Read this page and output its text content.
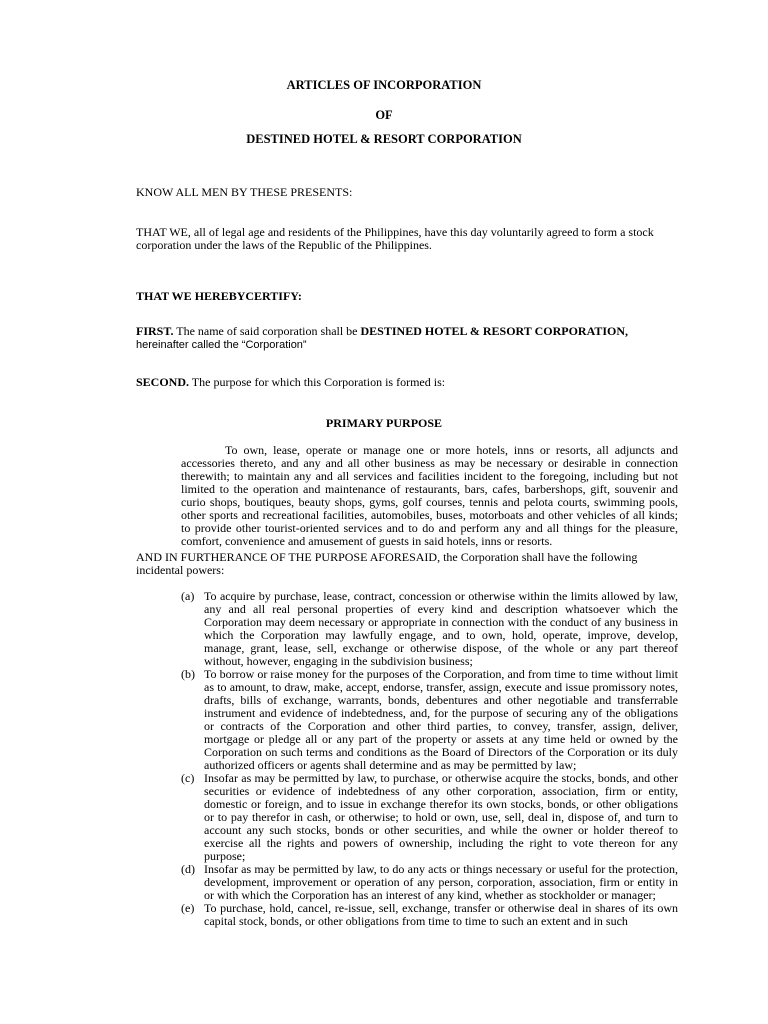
ARTICLES OF INCORPORATION
OF
DESTINED HOTEL & RESORT CORPORATION
KNOW ALL MEN BY THESE PRESENTS:
THAT WE, all of legal age and residents of the Philippines, have this day voluntarily agreed to form a stock corporation under the laws of the Republic of the Philippines.
THAT WE HEREBYCERTIFY:
FIRST. The name of said corporation shall be DESTINED HOTEL & RESORT CORPORATION,
hereinafter called the “Corporation”
SECOND. The purpose for which this Corporation is formed is:
PRIMARY PURPOSE
To own, lease, operate or manage one or more hotels, inns or resorts, all adjuncts and accessories thereto, and any and all other business as may be necessary or desirable in connection therewith; to maintain any and all services and facilities incident to the foregoing, including but not limited to the operation and maintenance of restaurants, bars, cafes, barbershops, gift, souvenir and curio shops, boutiques, beauty shops, gyms, golf courses, tennis and pelota courts, swimming pools, other sports and recreational facilities, automobiles, buses, motorboats and other vehicles of all kinds; to provide other tourist-oriented services and to do and perform any and all things for the pleasure, comfort, convenience and amusement of guests in said hotels, inns or resorts.
AND IN FURTHERANCE OF THE PURPOSE AFORESAID, the Corporation shall have the following incidental powers:
(a) To acquire by purchase, lease, contract, concession or otherwise within the limits allowed by law, any and all real personal properties of every kind and description whatsoever which the Corporation may deem necessary or appropriate in connection with the conduct of any business in which the Corporation may lawfully engage, and to own, hold, operate, improve, develop, manage, grant, lease, sell, exchange or otherwise dispose, of the whole or any part thereof without, however, engaging in the subdivision business;
(b) To borrow or raise money for the purposes of the Corporation, and from time to time without limit as to amount, to draw, make, accept, endorse, transfer, assign, execute and issue promissory notes, drafts, bills of exchange, warrants, bonds, debentures and other negotiable and transferrable instrument and evidence of indebtedness, and, for the purpose of securing any of the obligations or contracts of the Corporation and other third parties, to convey, transfer, assign, deliver, mortgage or pledge all or any part of the property or assets at any time held or owned by the Corporation on such terms and conditions as the Board of Directors of the Corporation or its duly authorized officers or agents shall determine and as may be permitted by law;
(c) Insofar as may be permitted by law, to purchase, or otherwise acquire the stocks, bonds, and other securities or evidence of indebtedness of any other corporation, association, firm or entity, domestic or foreign, and to issue in exchange therefor its own stocks, bonds, or other obligations or to pay therefor in cash, or otherwise; to hold or own, use, sell, deal in, dispose of, and turn to account any such stocks, bonds or other securities, and while the owner or holder thereof to exercise all the rights and powers of ownership, including the right to vote thereon for any purpose;
(d) Insofar as may be permitted by law, to do any acts or things necessary or useful for the protection, development, improvement or operation of any person, corporation, association, firm or entity in or with which the Corporation has an interest of any kind, whether as stockholder or manager;
(e) To purchase, hold, cancel, re-issue, sell, exchange, transfer or otherwise deal in shares of its own capital stock, bonds, or other obligations from time to time to such an extent and in such
